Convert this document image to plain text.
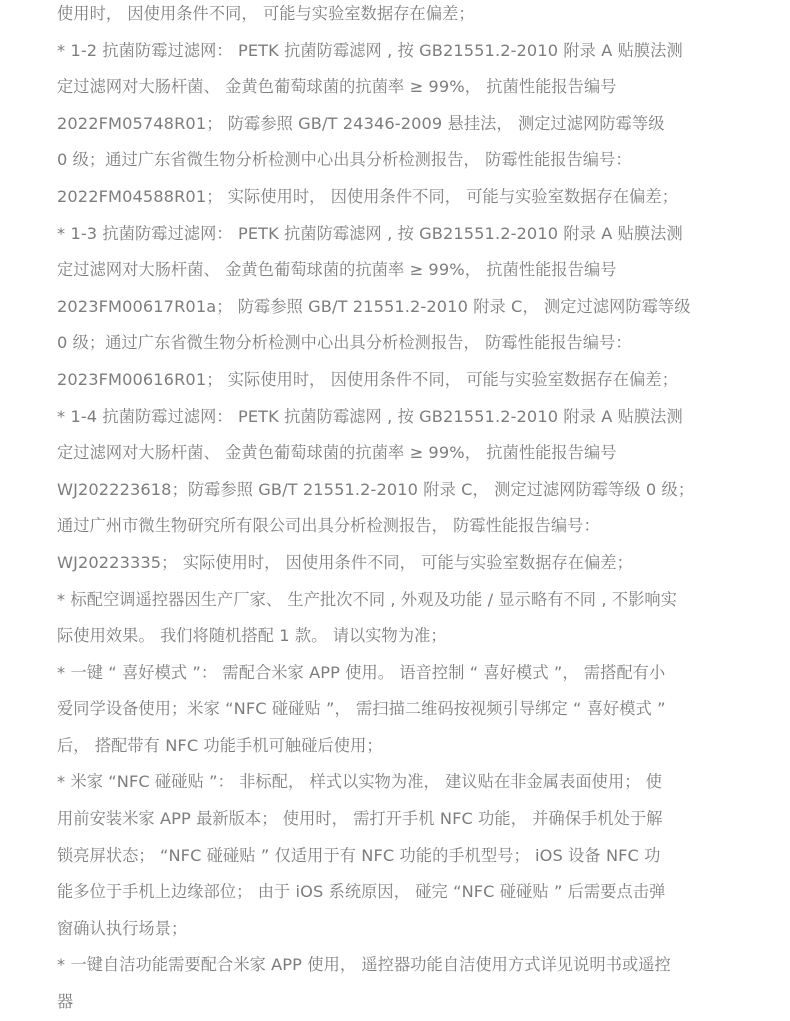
使用时， 因使用条件不同， 可能与实验室数据存在偏差；
* 1-2 抗菌防霉过滤网： PETK 抗菌防霉滤网 , 按 GB21551.2-2010 附录 A 贴膜法测
定过滤网对大肠杆菌、 金黄色葡萄球菌的抗菌率 ≥ 99%， 抗菌性能报告编号
2022FM05748R01； 防霉参照 GB/T 24346-2009 悬挂法， 测定过滤网防霉等级
0 级；通过广东省微生物分析检测中心出具分析检测报告， 防霉性能报告编号：
2022FM04588R01； 实际使用时， 因使用条件不同， 可能与实验室数据存在偏差；
* 1-3 抗菌防霉过滤网： PETK 抗菌防霉滤网 , 按 GB21551.2-2010 附录 A 贴膜法测
定过滤网对大肠杆菌、 金黄色葡萄球菌的抗菌率 ≥ 99%， 抗菌性能报告编号
2023FM00617R01a； 防霉参照 GB/T 21551.2-2010 附录 C， 测定过滤网防霉等级
0 级；通过广东省微生物分析检测中心出具分析检测报告， 防霉性能报告编号：
2023FM00616R01； 实际使用时， 因使用条件不同， 可能与实验室数据存在偏差；
* 1-4 抗菌防霉过滤网： PETK 抗菌防霉滤网 , 按 GB21551.2-2010 附录 A 贴膜法测
定过滤网对大肠杆菌、 金黄色葡萄球菌的抗菌率 ≥ 99%， 抗菌性能报告编号
WJ202223618；防霉参照 GB/T 21551.2-2010 附录 C， 测定过滤网防霉等级 0 级；
通过广州市微生物研究所有限公司出具分析检测报告， 防霉性能报告编号：
WJ20223335； 实际使用时， 因使用条件不同， 可能与实验室数据存在偏差；
* 标配空调遥控器因生产厂家、 生产批次不同 , 外观及功能 / 显示略有不同 , 不影响实
际使用效果。 我们将随机搭配 1 款。 请以实物为准；
* 一键 “ 喜好模式 ”： 需配合米家 APP 使用。 语音控制 “ 喜好模式 ”， 需搭配有小
爱同学设备使用；米家 “NFC 碰碰贴 ”， 需扫描二维码按视频引导绑定 “ 喜好模式 ”
后， 搭配带有 NFC 功能手机可触碰后使用；
* 米家 “NFC 碰碰贴 ”： 非标配， 样式以实物为准， 建议贴在非金属表面使用； 使
用前安装米家 APP 最新版本； 使用时， 需打开手机 NFC 功能， 并确保手机处于解
锁亮屏状态； “NFC 碰碰贴 ” 仅适用于有 NFC 功能的手机型号； iOS 设备 NFC 功
能多位于手机上边缘部位； 由于 iOS 系统原因， 碰完 “NFC 碰碰贴 ” 后需要点击弹
窗确认执行场景；
* 一键自洁功能需要配合米家 APP 使用， 遥控器功能自洁使用方式详见说明书或遥控
器
